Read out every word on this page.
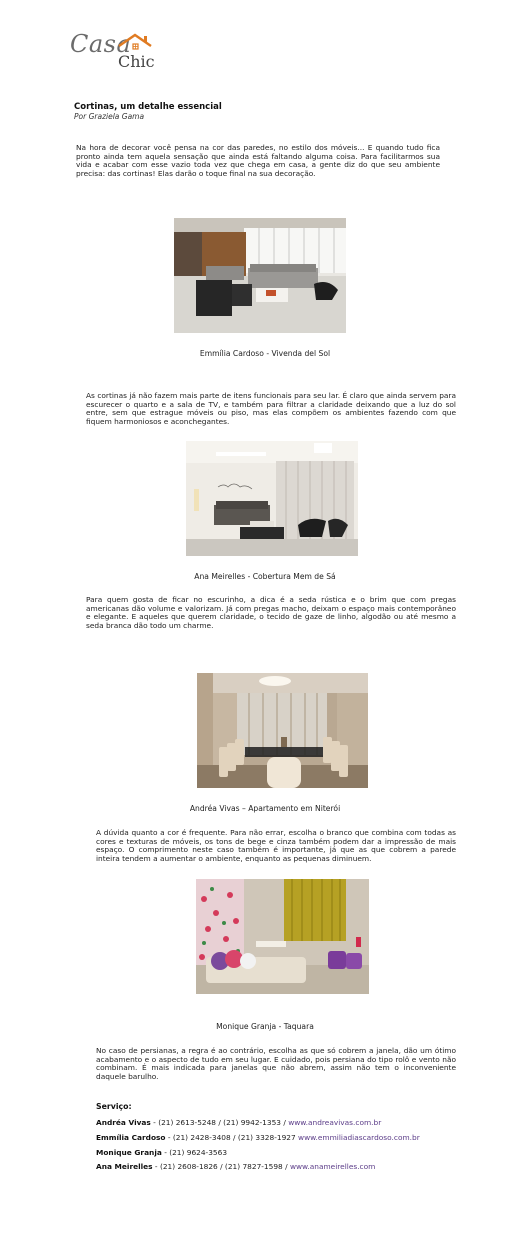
Casa
Chic
Cortinas, um detalhe essencial
Por Graziela Gama
Na hora de decorar você pensa na cor das paredes, no estilo dos móveis... E quando tudo fica pronto ainda tem aquela sensação que ainda está faltando alguma coisa. Para facilitarmos sua vida e acabar com esse vazio toda vez que chega em casa, a gente diz do que seu ambiente precisa: das cortinas! Elas darão o toque final na sua decoração.
Emmília Cardoso - Vivenda del Sol
As cortinas já não fazem mais parte de itens funcionais para seu lar. É claro que ainda servem para escurecer o quarto e a sala de TV, e também para filtrar a claridade deixando que a luz do sol entre, sem que estrague móveis ou piso, mas elas compõem os ambientes fazendo com que fiquem harmoniosos e aconchegantes.
Ana Meirelles - Cobertura Mem de Sá
Para quem gosta de ficar no escurinho, a dica é a seda rústica e o brim que com pregas americanas dão volume e valorizam. Já com pregas macho, deixam o espaço mais contemporâneo e elegante. E aqueles que querem claridade, o tecido de gaze de linho, algodão ou até mesmo a seda branca dão todo um charme.
Andréa Vivas – Apartamento em Niterói
A dúvida quanto a cor é frequente. Para não errar, escolha o branco que combina com todas as cores e texturas de móveis, os tons de bege e cinza também podem dar a impressão de mais espaço. O comprimento neste caso também é importante, já que as que cobrem a parede inteira tendem a aumentar o ambiente, enquanto as pequenas diminuem.
Monique Granja - Taquara
No caso de persianas, a regra é ao contrário, escolha as que só cobrem a janela, dão um ótimo acabamento e o aspecto de tudo em seu lugar. E cuidado, pois persiana do tipo rolô e vento não combinam. É mais indicada para janelas que não abrem, assim não tem o inconveniente daquele barulho.
Serviço:
Andréa Vivas - (21) 2613-5248 / (21) 9942-1353 / www.andreavivas.com.br
Emmília Cardoso - (21) 2428-3408 / (21) 3328-1927 www.emmiliadiascardoso.com.br
Monique Granja - (21) 9624-3563
Ana Meirelles - (21) 2608-1826 / (21) 7827-1598 / www.anameirelles.com
